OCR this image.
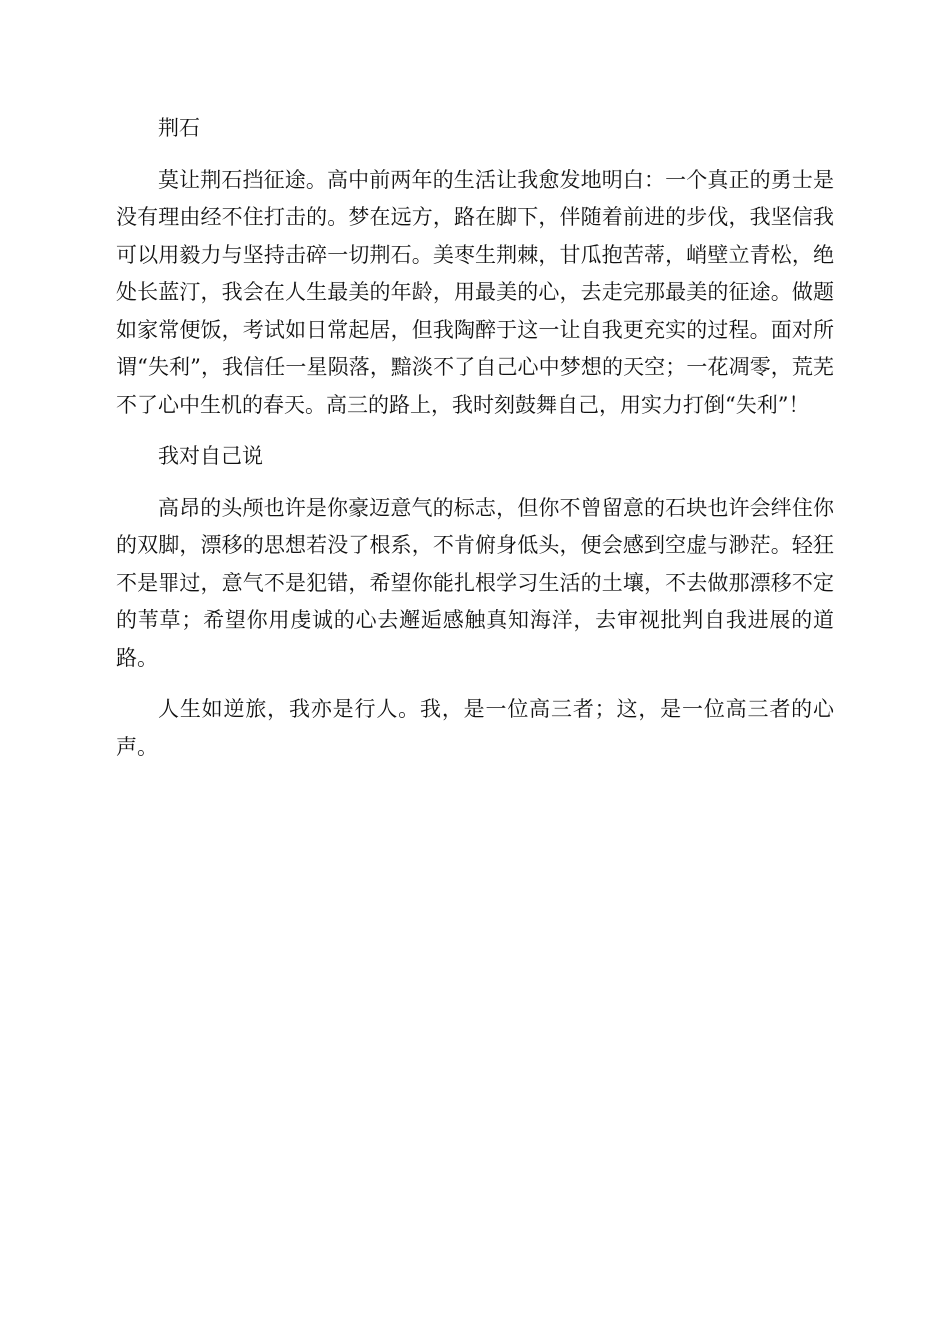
荆石

莫让荆石挡征途。高中前两年的生活让我愈发地明白：一个真正的勇士是没有理由经不住打击的。梦在远方，路在脚下，伴随着前进的步伐，我坚信我可以用毅力与坚持击碎一切荆石。美枣生荆棘，甘瓜抱苦蒂，峭壁立青松，绝处长蓝汀，我会在人生最美的年龄，用最美的心，去走完那最美的征途。做题如家常便饭，考试如日常起居，但我陶醉于这一让自我更充实的过程。面对所谓“失利”，我信任一星陨落，黯淡不了自己心中梦想的天空；一花凋零，荒芜不了心中生机的春天。高三的路上，我时刻鼓舞自己，用实力打倒“失利”！

我对自己说

高昂的头颅也许是你豪迈意气的标志，但你不曾留意的石块也许会绊住你的双脚，漂移的思想若没了根系，不肯俯身低头，便会感到空虚与渺茫。轻狂不是罪过，意气不是犯错，希望你能扎根学习生活的土壤，不去做那漂移不定的苇草；希望你用虔诚的心去邂逅感触真知海洋，去审视批判自我进展的道路。

人生如逆旅，我亦是行人。我，是一位高三者；这，是一位高三者的心声。
